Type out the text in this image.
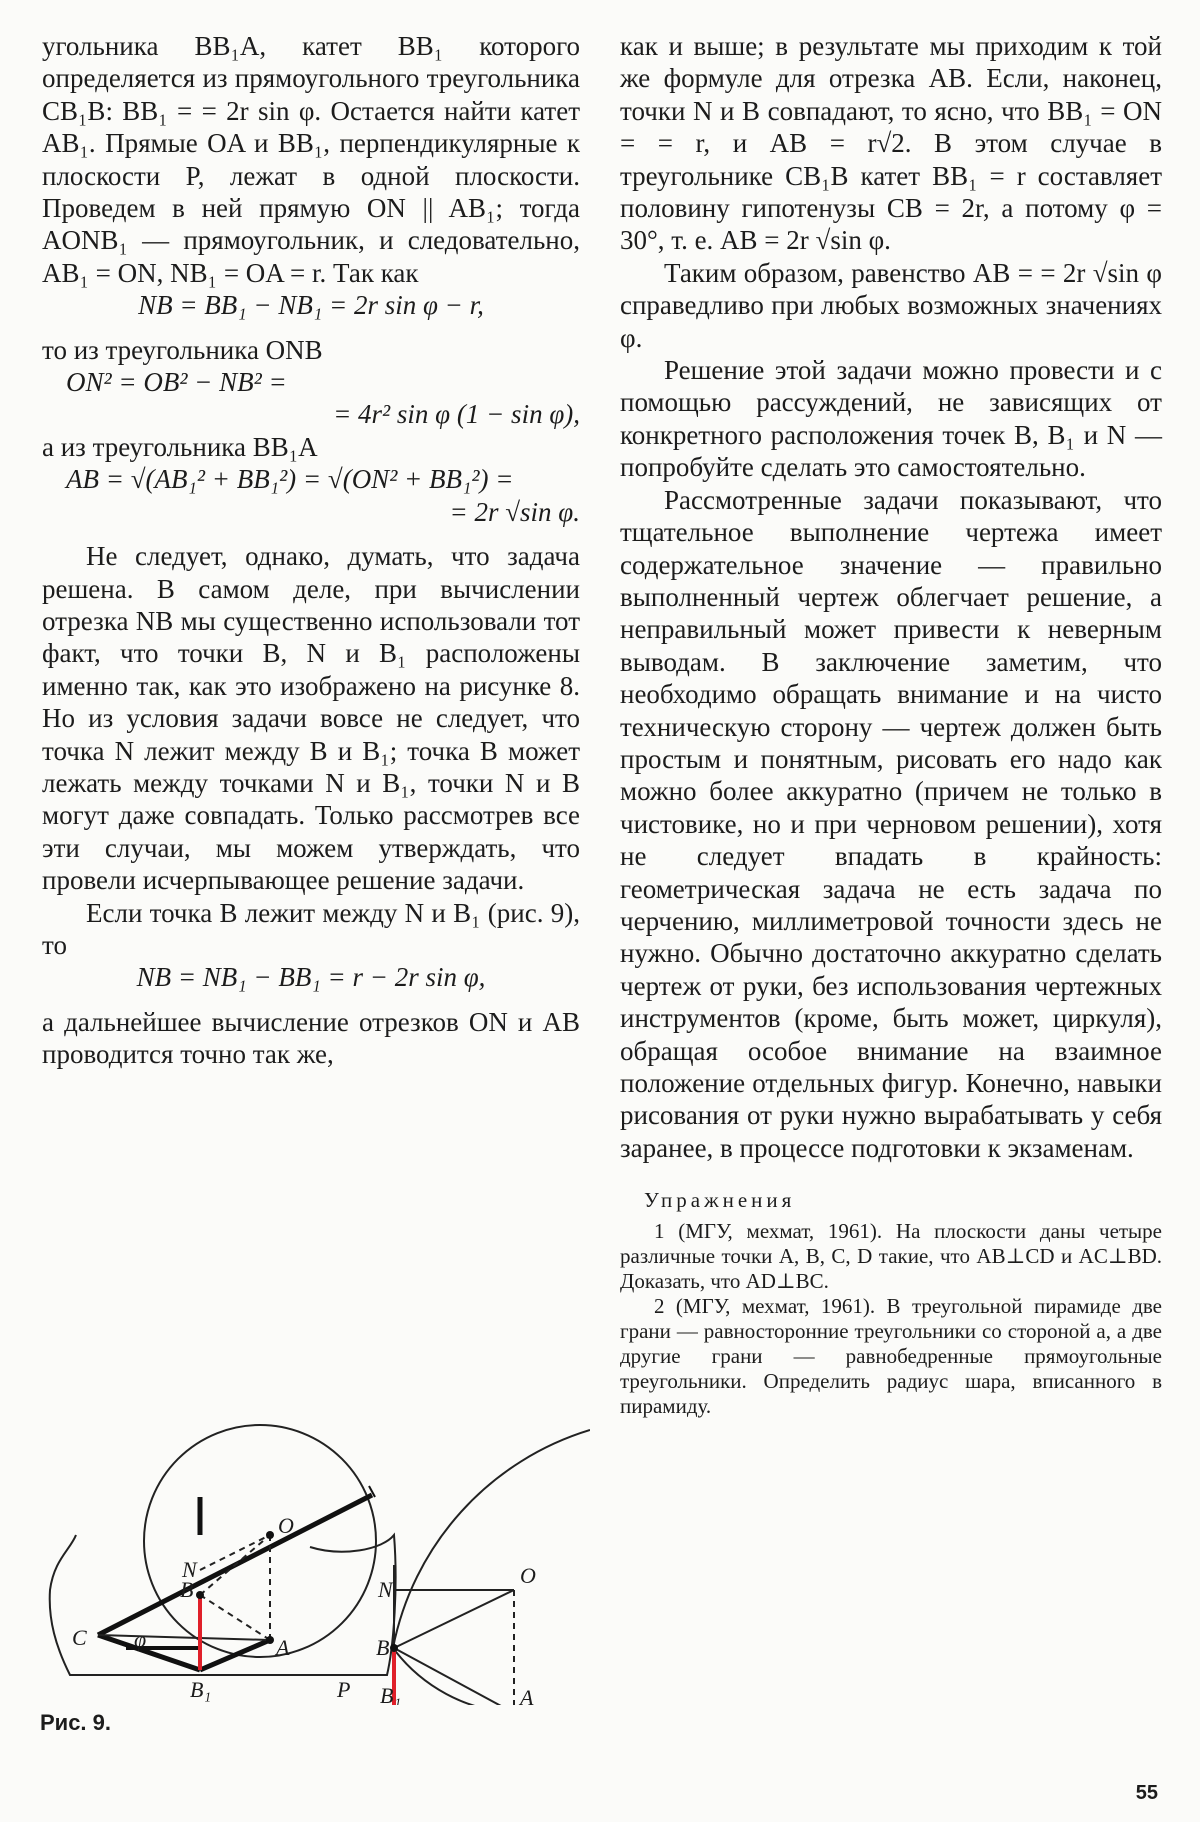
угольника BB₁A, катет BB₁ которого определяется из прямоугольного треугольника CB₁B: BB₁ = = 2r sin φ. Остается найти катет AB₁. Прямые OA и BB₁, перпендикулярные к плоскости P, лежат в одной плоскости. Проведем в ней прямую ON || AB₁; тогда AONB₁ — прямоугольник, и следовательно, AB₁ = ON, NB₁ = OA = r. Так как

NB = BB₁ − NB₁ = 2r sin φ − r,

то из треугольника ONB

ON² = OB² − NB² =

= 4r² sin φ (1 − sin φ),

а из треугольника BB₁A

AB = √(AB₁² + BB₁²) = √(ON² + BB₁²) =

= 2r √sin φ.

Не следует, однако, думать, что задача решена. В самом деле, при вычислении отрезка NB мы существенно использовали тот факт, что точки B, N и B₁ расположены именно так, как это изображено на рисунке 8. Но из условия задачи вовсе не следует, что точка N лежит между B и B₁; точка B может лежать между точками N и B₁, точки N и B могут даже совпадать. Только рассмотрев все эти случаи, мы можем утверждать, что провели исчерпывающее решение задачи.

Если точка B лежит между N и B₁ (рис. 9), то

NB = NB₁ − BB₁ = r − 2r sin φ,

а дальнейшее вычисление отрезков ON и AB проводится точно так же,

как и выше; в результате мы приходим к той же формуле для отрезка AB. Если, наконец, точки N и B совпадают, то ясно, что BB₁ = ON = = r, и AB = r√2. В этом случае в треугольнике CB₁B катет BB₁ = r составляет половину гипотенузы CB = 2r, а потому φ = 30°, т. е. AB = 2r √sin φ.

Таким образом, равенство AB = = 2r √sin φ справедливо при любых возможных значениях φ.

Решение этой задачи можно провести и с помощью рассуждений, не зависящих от конкретного расположения точек B, B₁ и N — попробуйте сделать это самостоятельно.

Рассмотренные задачи показывают, что тщательное выполнение чертежа имеет содержательное значение — правильно выполненный чертеж облегчает решение, а неправильный может привести к неверным выводам. В заключение заметим, что необходимо обращать внимание и на чисто техническую сторону — чертеж должен быть простым и понятным, рисовать его надо как можно более аккуратно (причем не только в чистовике, но и при черновом решении), хотя не следует впадать в крайность: геометрическая задача не есть задача по черчению, миллиметровой точности здесь не нужно. Обычно достаточно аккуратно сделать чертеж от руки, без использования чертежных инструментов (кроме, быть может, циркуля), обращая особое внимание на взаимное положение отдельных фигур. Конечно, навыки рисования от руки нужно вырабатывать у себя заранее, в процессе подготовки к экзаменам.

Упражнения

1 (МГУ, мехмат, 1961). На плоскости даны четыре различные точки A, B, C, D такие, что AB⊥CD и AC⊥BD. Доказать, что AD⊥BC.

2 (МГУ, мехмат, 1961). В треугольной пирамиде две грани — равносторонние треугольники со стороной a, а две другие грани — равнобедренные прямоугольные треугольники. Определить радиус шара, вписанного в пирамиду.

O
N
B
C φ	A
B₁	P
N
O
B
B₁	A
Рис. 9.
55
